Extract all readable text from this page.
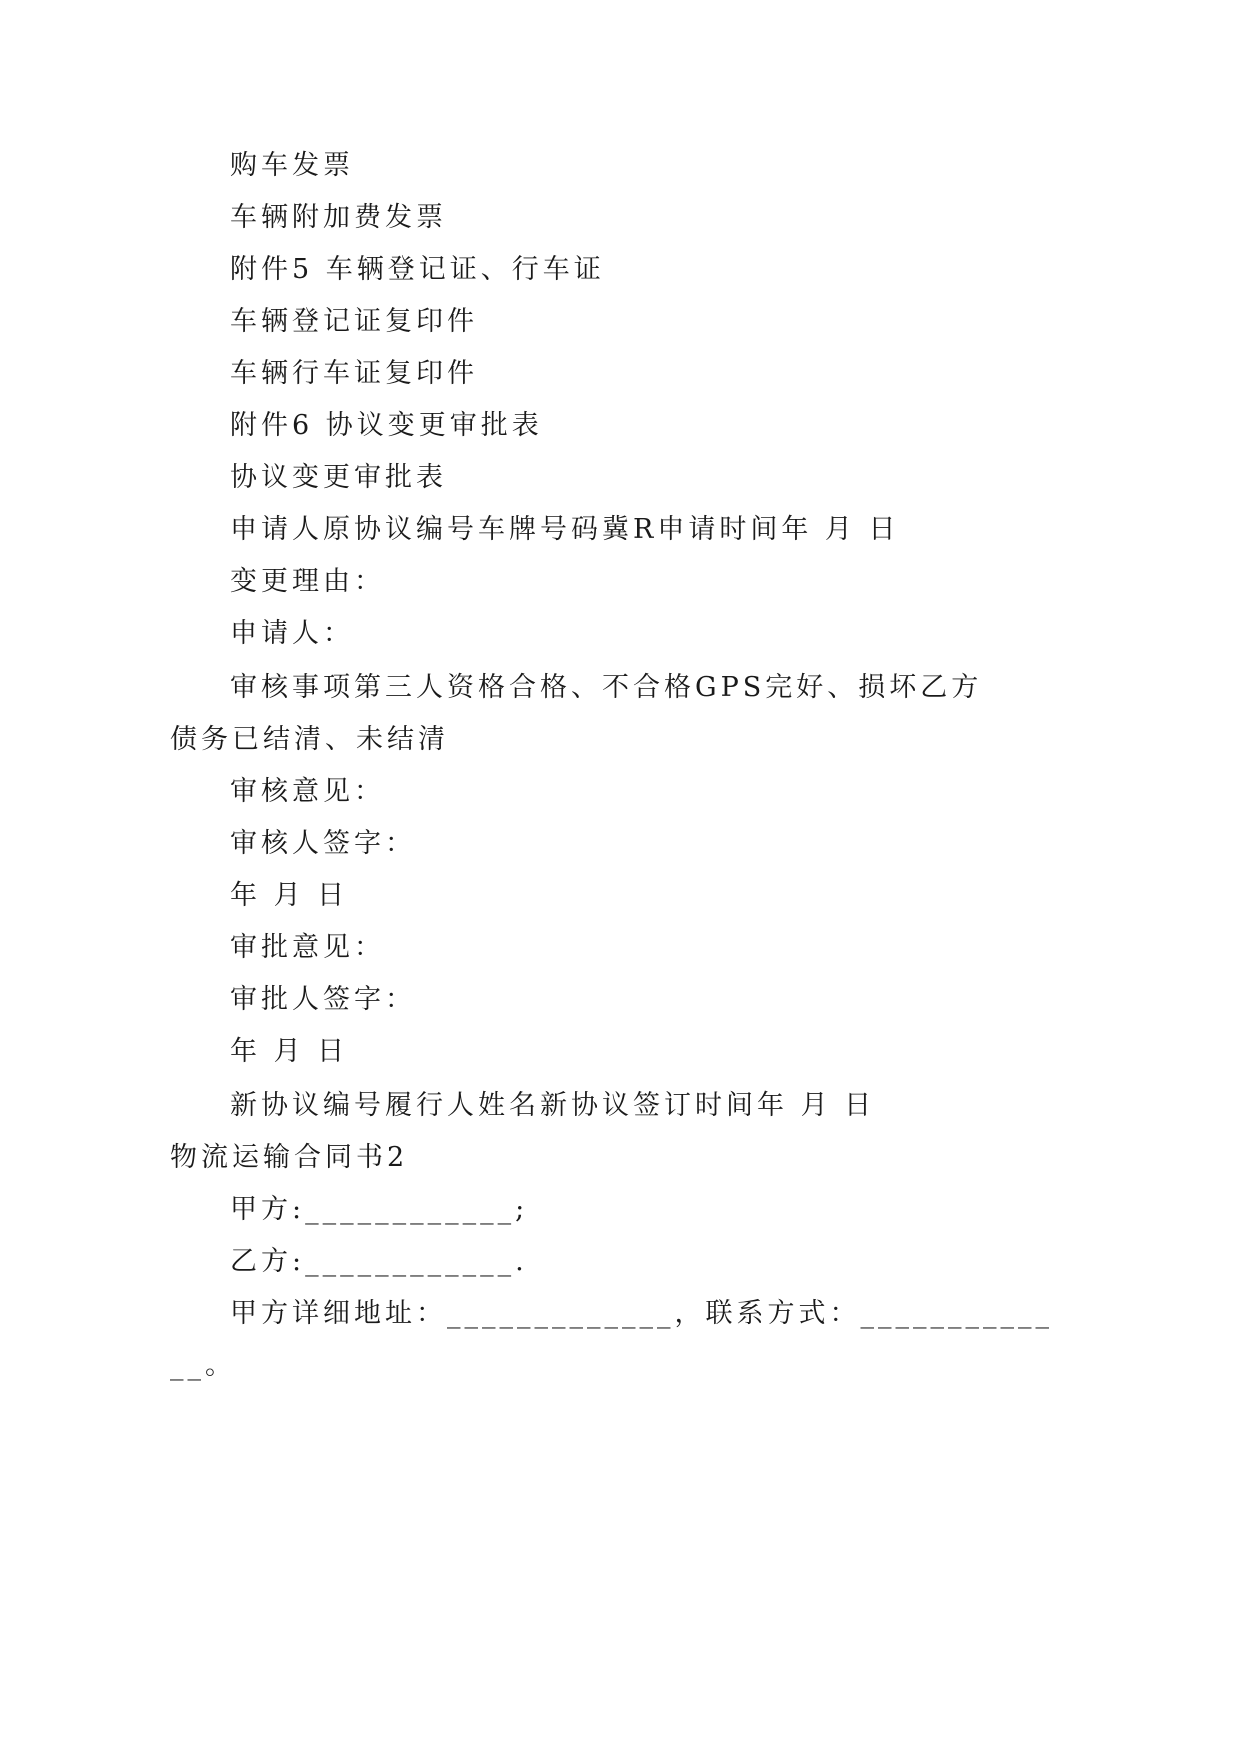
购车发票
车辆附加费发票
附件5 车辆登记证、行车证
车辆登记证复印件
车辆行车证复印件
附件6 协议变更审批表
协议变更审批表
申请人原协议编号车牌号码冀R申请时间年 月 日
变更理由：
申请人：
审核事项第三人资格合格、不合格GPS完好、损坏乙方
债务已结清、未结清
审核意见：
审核人签字：
年 月 日
审批意见：
审批人签字：
年 月 日
新协议编号履行人姓名新协议签订时间年 月 日
物流运输合同书2
甲方:____________;
乙方:____________.
甲方详细地址：_____________，联系方式：___________
__。
